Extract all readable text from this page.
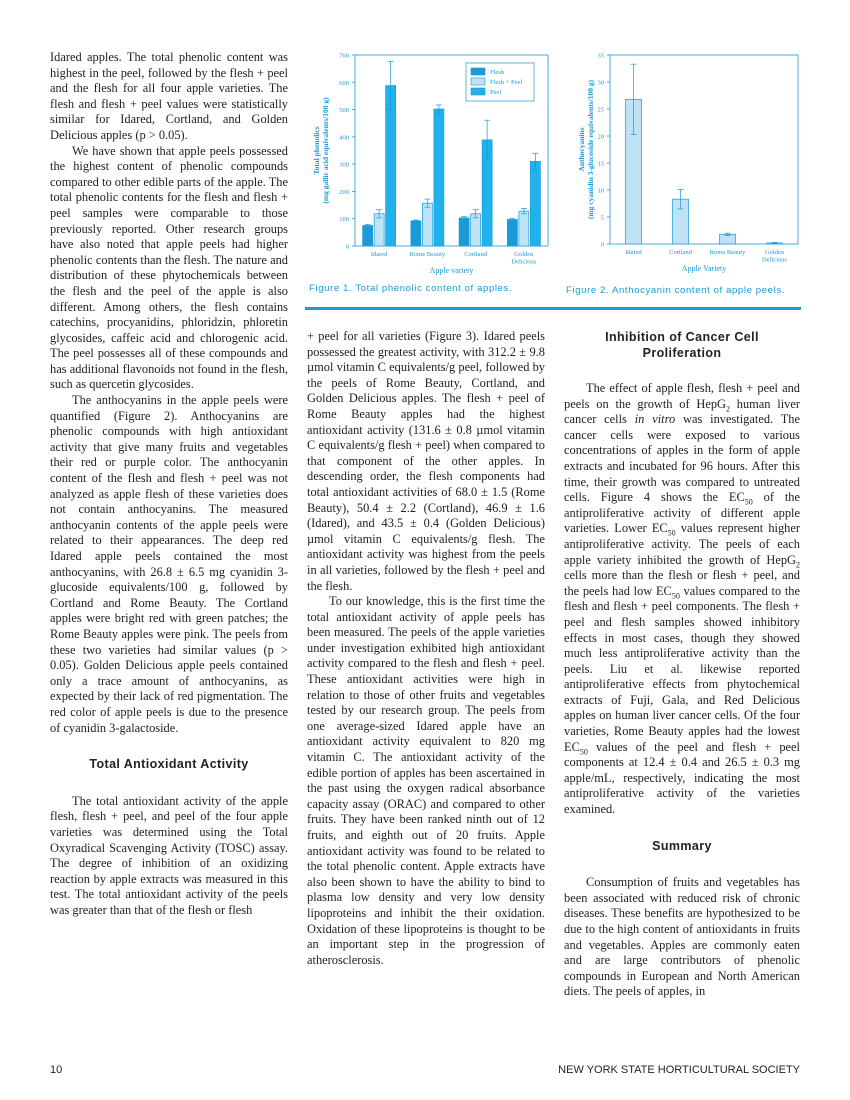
0
100
200
300
400
500
600
700
Total phenolics (mg gallic acid equivalents/100 g)
Idared	Rome Beauty	Cortland	Golden
Delicious
Apple variety
Flesh
Flesh + Peel
Peel
Figure 1. Total phenolic content of apples.
0
5
10
15
20
25
30
35
Anthocyanins (mg cyanidin 3-glucoside equivalents/100 g)
Idared	Cortland	Rome Beauty	Golden
Delicious
Apple Variety
Figure 2. Anthocyanin content of apple peels.

Idared apples. The total phenolic content was highest in the peel, followed by the flesh + peel and the flesh for all four apple varieties. The flesh and flesh + peel values were statistically similar for Idared, Cortland, and Golden Delicious apples (p > 0.05).

We have shown that apple peels possessed the highest content of phenolic compounds compared to other edible parts of the apple. The total phenolic contents for the flesh and flesh + peel samples were comparable to those previously reported. Other research groups have also noted that apple peels had higher phenolic contents than the flesh. The nature and distribution of these phytochemicals between the flesh and the peel of the apple is also different. Among others, the flesh contains catechins, procyanidins, phloridzin, phloretin glycosides, caffeic acid and chlorogenic acid. The peel possesses all of these compounds and has additional flavonoids not found in the flesh, such as quercetin glycosides.

The anthocyanins in the apple peels were quantified (Figure 2). Anthocyanins are phenolic compounds with high antioxidant activity that give many fruits and vegetables their red or purple color. The anthocyanin content of the flesh and flesh + peel was not analyzed as apple flesh of these varieties does not contain anthocyanins. The measured anthocyanin contents of the apple peels were related to their appearances. The deep red Idared apple peels contained the most anthocyanins, with 26.8 ± 6.5 mg cyanidin 3-glucoside equivalents/100 g, followed by Cortland and Rome Beauty. The Cortland apples were bright red with green patches; the Rome Beauty apples were pink. The peels from these two varieties had similar values (p > 0.05). Golden Delicious apple peels contained only a trace amount of anthocyanins, as expected by their lack of red pigmentation. The red color of apple peels is due to the presence of cyanidin 3-galactoside.

Total Antioxidant Activity

The total antioxidant activity of the apple flesh, flesh + peel, and peel of the four apple varieties was determined using the Total Oxyradical Scavenging Activity (TOSC) assay. The degree of inhibition of an oxidizing reaction by apple extracts was measured in this test. The total antioxidant activity of the peels was greater than that of the flesh or flesh

+ peel for all varieties (Figure 3). Idared peels possessed the greatest activity, with 312.2 ± 9.8 µmol vitamin C equivalents/g peel, followed by the peels of Rome Beauty, Cortland, and Golden Delicious apples. The flesh + peel of Rome Beauty apples had the highest antioxidant activity (131.6 ± 0.8 µmol vitamin C equivalents/g flesh + peel) when compared to that component of the other apples. In descending order, the flesh components had total antioxidant activities of 68.0 ± 1.5 (Rome Beauty), 50.4 ± 2.2 (Cortland), 46.9 ± 1.6 (Idared), and 43.5 ± 0.4 (Golden Delicious) µmol vitamin C equivalents/g flesh. The antioxidant activity was highest from the peels in all varieties, followed by the flesh + peel and the flesh.

To our knowledge, this is the first time the total antioxidant activity of apple peels has been measured. The peels of the apple varieties under investigation exhibited high antioxidant activity compared to the flesh and flesh + peel. These antioxidant activities were high in relation to those of other fruits and vegetables tested by our research group. The peels from one average-sized Idared apple have an antioxidant activity equivalent to 820 mg vitamin C. The antioxidant activity of the edible portion of apples has been ascertained in the past using the oxygen radical absorbance capacity assay (ORAC) and compared to other fruits. They have been ranked ninth out of 12 fruits, and eighth out of 20 fruits. Apple antioxidant activity was found to be related to the total phenolic content. Apple extracts have also been shown to have the ability to bind to plasma low density and very low density lipoproteins and inhibit the their oxidation. Oxidation of these lipoproteins is thought to be an important step in the progression of atherosclerosis.

Inhibition of Cancer Cell Proliferation

The effect of apple flesh, flesh + peel and peels on the growth of HepG$_2$ human liver cancer cells in vitro was investigated. The cancer cells were exposed to various concentrations of apples in the form of apple extracts and incubated for 96 hours. After this time, their growth was compared to untreated cells. Figure 4 shows the $EC_{50}$ of the antiproliferative activity of different apple varieties. Lower $EC_{50}$ values represent higher antiproliferative activity. The peels of each apple variety inhibited the growth of HepG$_2$ cells more than the flesh or flesh + peel, and the peels had low $EC_{50}$ values compared to the flesh and flesh + peel components. The flesh + peel and flesh samples showed inhibitory effects in most cases, though they showed much less antiproliferative activity than the peels. Liu et al. likewise reported antiproliferative effects from phytochemical extracts of Fuji, Gala, and Red Delicious apples on human liver cancer cells. Of the four varieties, Rome Beauty apples had the lowest $EC_{50}$ values of the peel and flesh + peel components at 12.4 ± 0.4 and 26.5 ± 0.3 mg apple/mL, respectively, indicating the most antiproliferative activity of the varieties examined.

Summary

Consumption of fruits and vegetables has been associated with reduced risk of chronic diseases. These benefits are hypothesized to be due to the high content of antioxidants in fruits and vegetables. Apples are commonly eaten and are large contributors of phenolic compounds in European and North American diets. The peels of apples, in

10	NEW YORK STATE HORTICULTURAL SOCIETY
